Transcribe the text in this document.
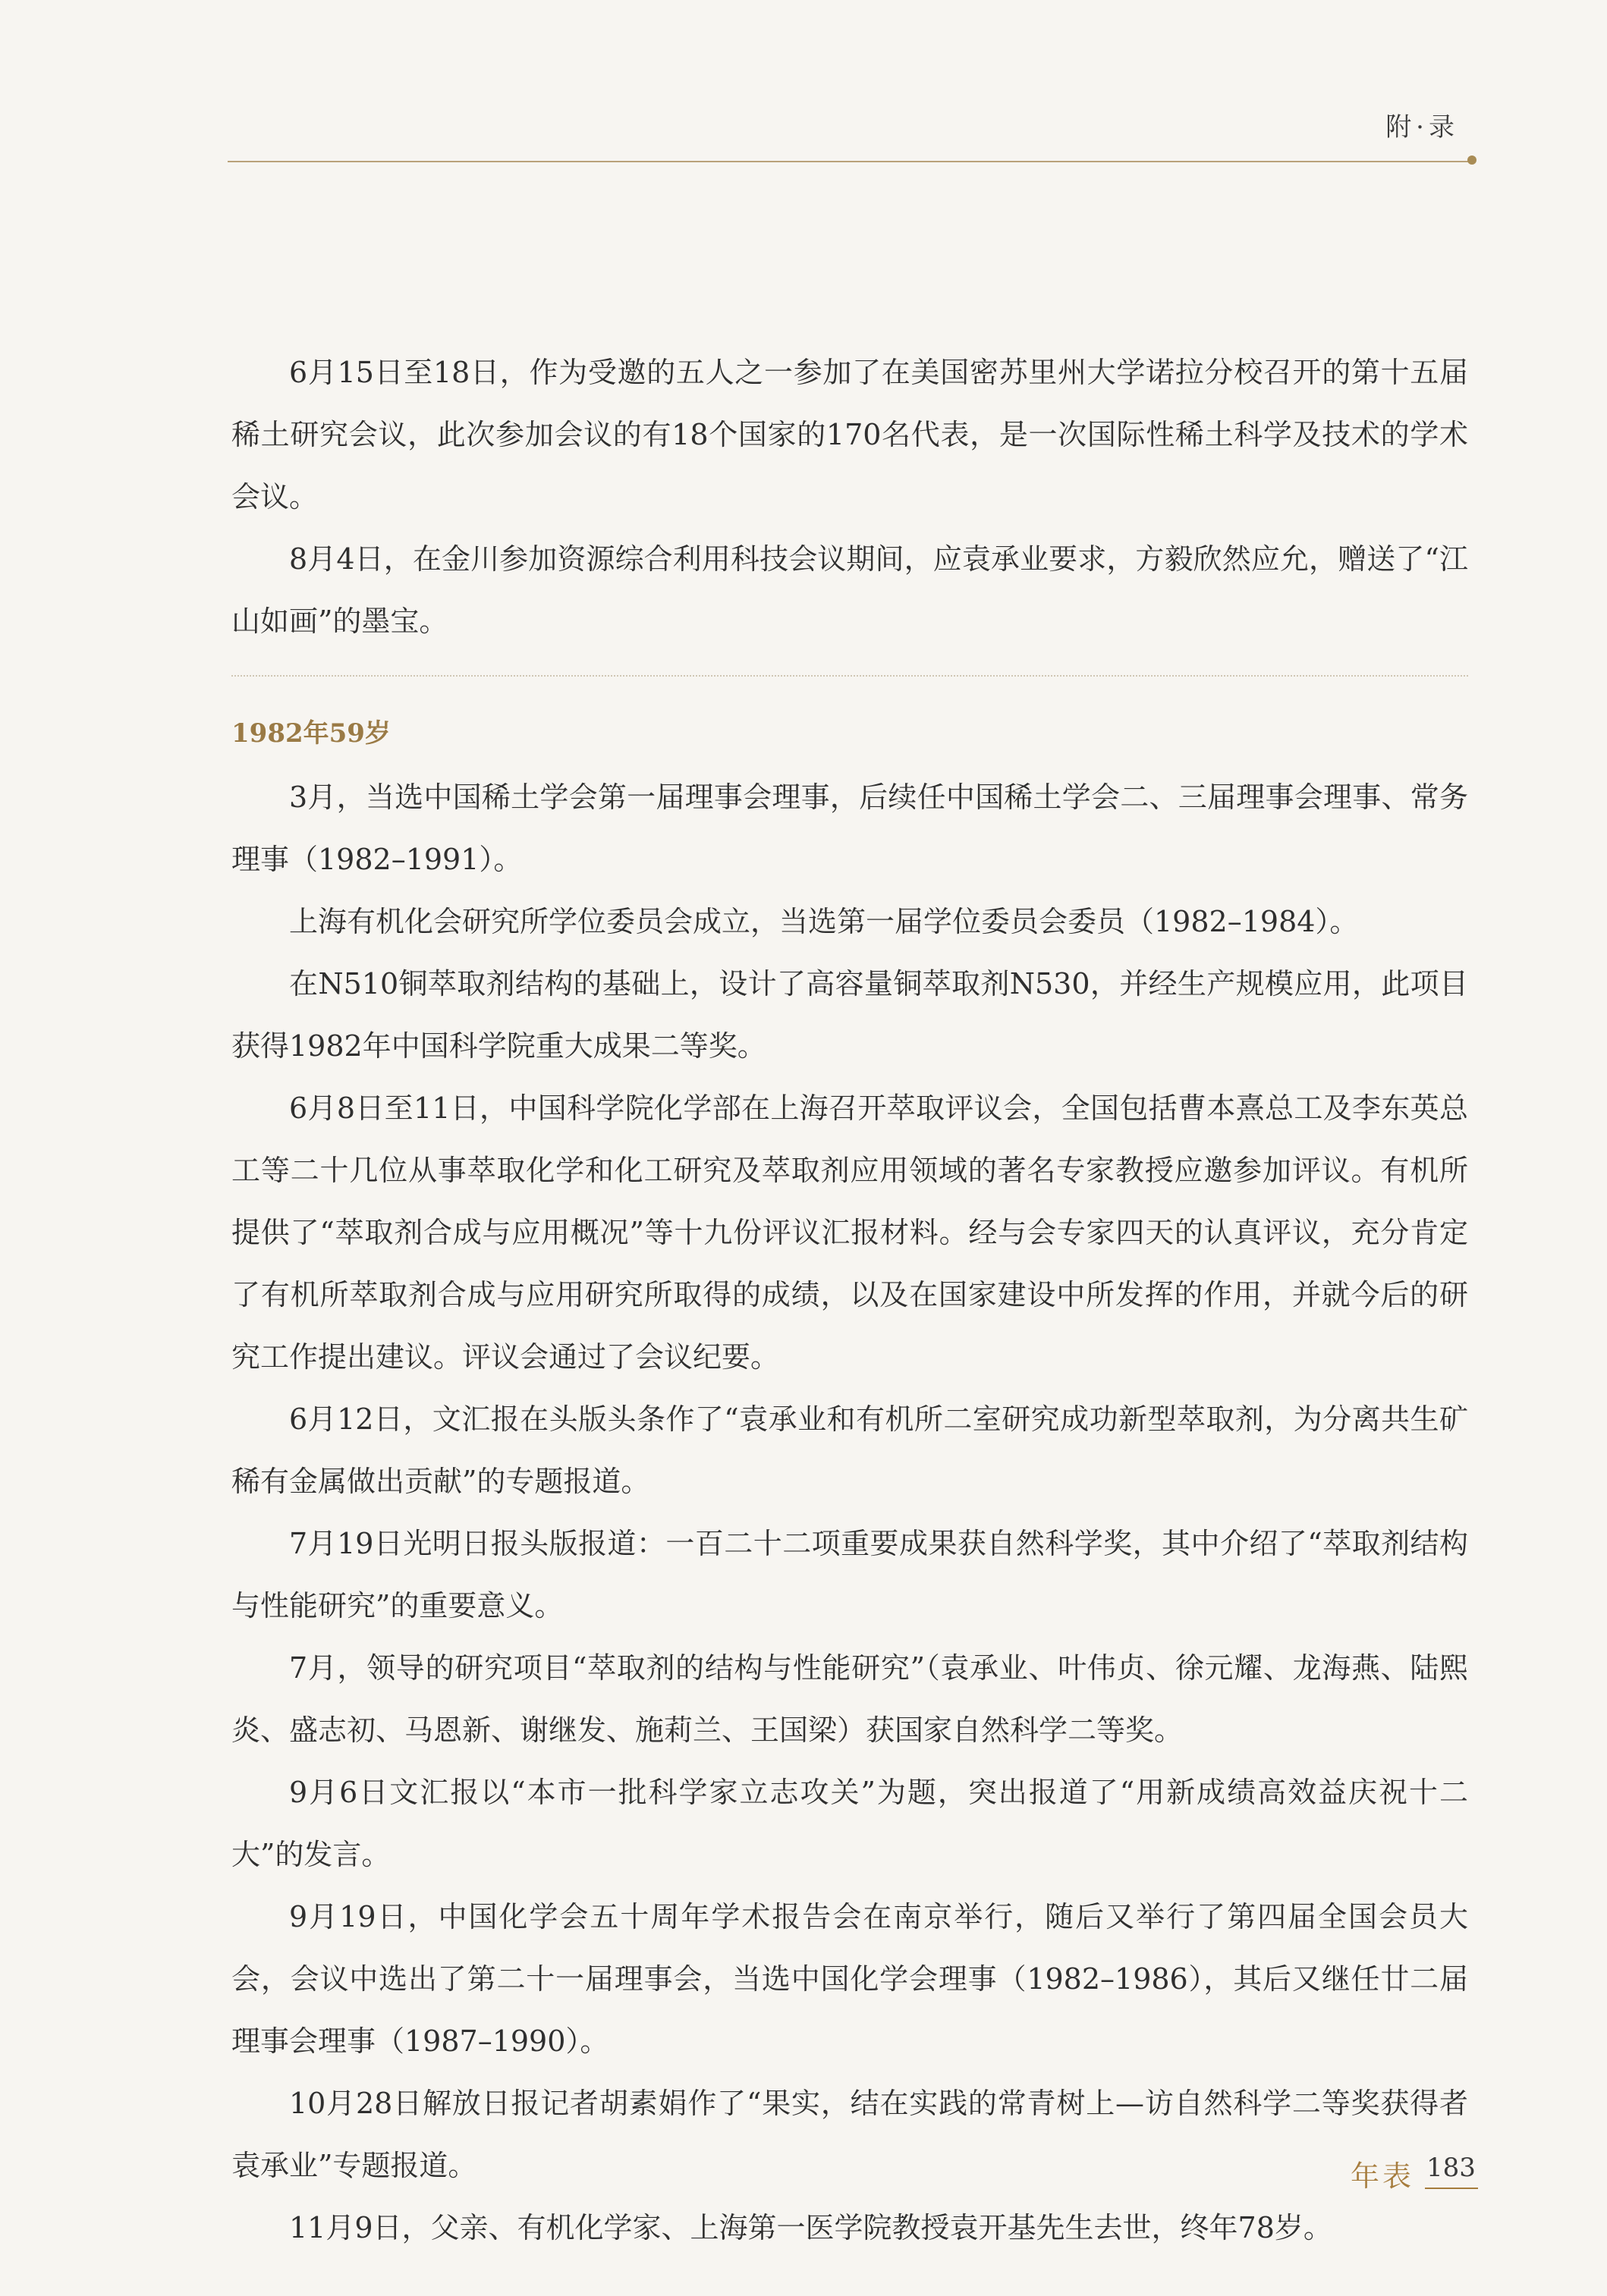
附·录

6月15日至18日，作为受邀的五人之一参加了在美国密苏里州大学诺拉分校召开的第十五届稀土研究会议，此次参加会议的有18个国家的170名代表，是一次国际性稀土科学及技术的学术会议。

8月4日，在金川参加资源综合利用科技会议期间，应袁承业要求，方毅欣然应允，赠送了“江山如画”的墨宝。

1982年59岁

3月，当选中国稀土学会第一届理事会理事，后续任中国稀土学会二、三届理事会理事、常务理事（1982–1991）。

上海有机化会研究所学位委员会成立，当选第一届学位委员会委员（1982–1984）。

在N510铜萃取剂结构的基础上，设计了高容量铜萃取剂N530，并经生产规模应用，此项目获得1982年中国科学院重大成果二等奖。

6月8日至11日，中国科学院化学部在上海召开萃取评议会，全国包括曹本熹总工及李东英总工等二十几位从事萃取化学和化工研究及萃取剂应用领域的著名专家教授应邀参加评议。有机所提供了“萃取剂合成与应用概况”等十九份评议汇报材料。经与会专家四天的认真评议，充分肯定了有机所萃取剂合成与应用研究所取得的成绩，以及在国家建设中所发挥的作用，并就今后的研究工作提出建议。评议会通过了会议纪要。

6月12日，文汇报在头版头条作了“袁承业和有机所二室研究成功新型萃取剂，为分离共生矿稀有金属做出贡献”的专题报道。

7月19日光明日报头版报道：一百二十二项重要成果获自然科学奖，其中介绍了“萃取剂结构与性能研究”的重要意义。

7月，领导的研究项目“萃取剂的结构与性能研究”（袁承业、叶伟贞、徐元耀、龙海燕、陆熙炎、盛志初、马恩新、谢继发、施莉兰、王国梁）获国家自然科学二等奖。

9月6日文汇报以“本市一批科学家立志攻关”为题，突出报道了“用新成绩高效益庆祝十二大”的发言。

9月19日，中国化学会五十周年学术报告会在南京举行，随后又举行了第四届全国会员大会，会议中选出了第二十一届理事会，当选中国化学会理事（1982–1986），其后又继任廿二届理事会理事（1987–1990）。

10月28日解放日报记者胡素娟作了“果实，结在实践的常青树上—访自然科学二等奖获得者袁承业”专题报道。

11月9日，父亲、有机化学家、上海第一医学院教授袁开基先生去世，终年78岁。

年表 183
